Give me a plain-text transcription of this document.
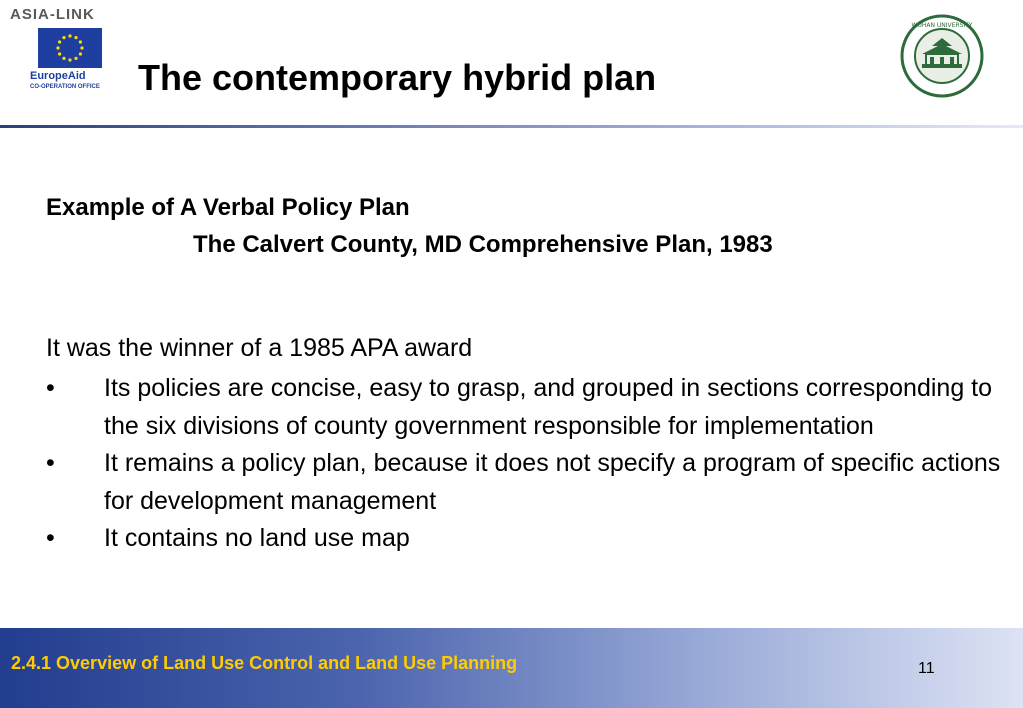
ASIA-LINK
EuropeAid
CO-OPERATION OFFICE The contemporary hybrid plan
WUHAN UNIVERSITY
Example of A Verbal Policy Plan
The Calvert County, MD Comprehensive Plan, 1983
It was the winner of a 1985 APA award
• Its policies are concise, easy to grasp, and grouped in sections corresponding to the six divisions of county government responsible for implementation
• It remains a policy plan, because it does not specify a program of specific actions for development management
• It contains no land use map
2.4.1 Overview of Land Use Control and Land Use Planning	11
